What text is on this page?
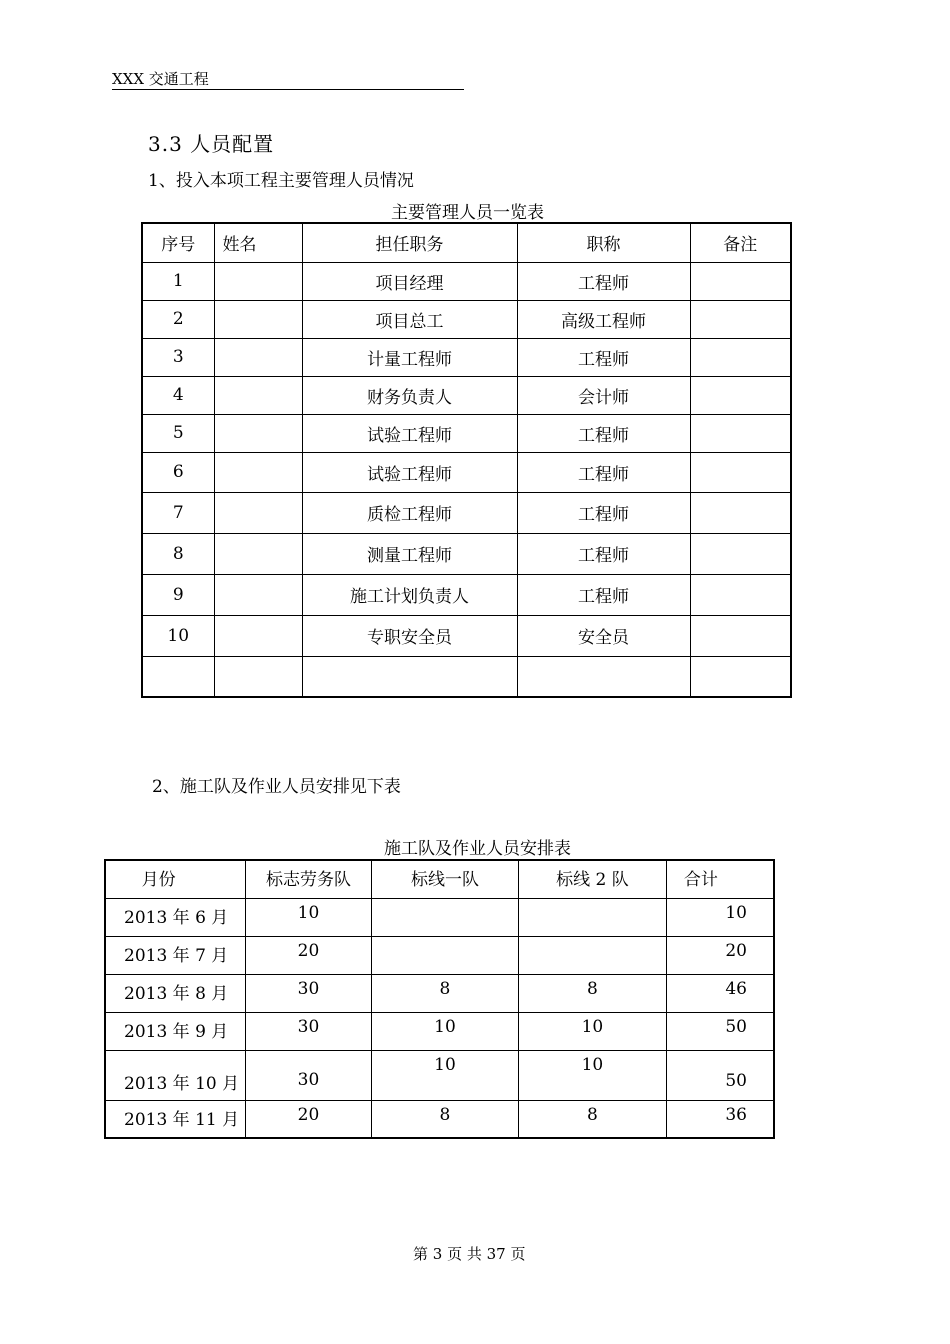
XXX 交通工程
3.3 人员配置
1、投入本项工程主要管理人员情况
主要管理人员一览表
序号	姓名	担任职务	职称	备注
1		项目经理	工程师	
2		项目总工	高级工程师	
3		计量工程师	工程师	
4		财务负责人	会计师	
5		试验工程师	工程师	
6		试验工程师	工程师	
7		质检工程师	工程师	
8		测量工程师	工程师	
9		施工计划负责人	工程师	
10		专职安全员	安全员	

2、施工队及作业人员安排见下表
施工队及作业人员安排表
月份	标志劳务队	标线一队	标线 2 队	合计
2013 年 6 月	10			10
2013 年 7 月	20			20
2013 年 8 月	30	8	8	46
2013 年 9 月	30	10	10	50
2013 年 10 月	30	10	10	50
2013 年 11 月	20	8	8	36
第 3 页 共 37 页
